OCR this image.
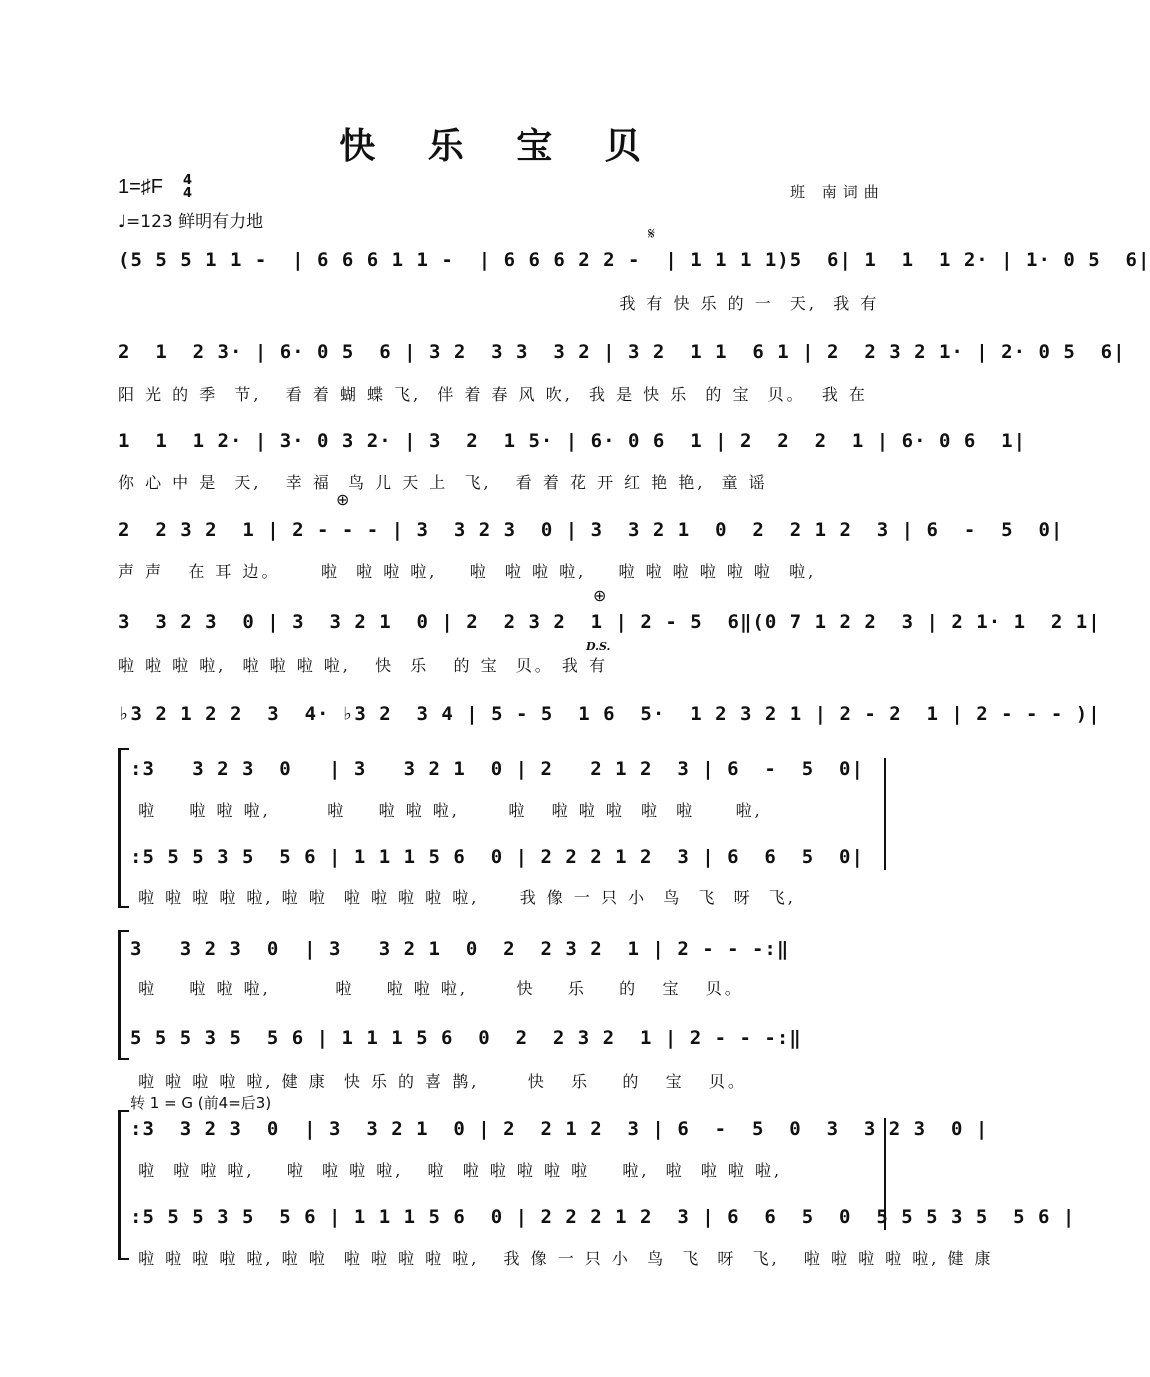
快 乐 宝 贝
1=♯F 4
4
♩=123 鲜明有力地
班 南词曲
𝄋
⊕
⊕
D.S.
(5 5 5 1 1 -  | 6 6 6 1 1 -  | 6 6 6 2 2 -  | 1 1 1 1)5  6| 1  1  1 2· | 1· 0 5  6|
我 有 快 乐 的 一  天,  我 有
2  1  2 3· | 6· 0 5  6 | 3 2  3 3  3 2 | 3 2  1 1  6 1 | 2  2 3 2 1· | 2· 0 5  6|
阳 光 的 季  节,   看 着 蝴 蝶 飞,  伴 着 春 风 吹,  我 是 快 乐  的 宝  贝。  我 在
1  1  1 2· | 3· 0 3 2· | 3  2  1 5· | 6· 0 6  1 | 2  2  2  1 | 6· 0 6  1|
你 心 中 是  天,   幸 福  鸟 儿 天 上  飞,   看 着 花 开 红 艳 艳,  童 谣
2  2 3 2  1 | 2 - - - | 3  3 2 3  0 | 3  3 2 1  0  2  2 1 2  3 | 6  -  5  0|
声 声   在 耳 边。     啦  啦 啦 啦,    啦  啦 啦 啦,    啦 啦 啦 啦 啦 啦  啦,
3  3 2 3  0 | 3  3 2 1  0 | 2  2 3 2  1 | 2 - 5  6‖(0 7 1 2 2  3 | 2 1· 1  2 1|
啦 啦 啦 啦,  啦 啦 啦 啦,   快  乐   的 宝  贝。 我 有
♭3 2 1 2 2  3  4· ♭3 2  3 4 | 5 - 5  1 6  5·  1 2 3 2 1 | 2 - 2  1 | 2 - - - )|
:3   3 2 3  0   | 3   3 2 1  0 | 2   2 1 2  3 | 6  -  5  0|
啦    啦 啦 啦,       啦    啦 啦 啦,      啦   啦 啦 啦  啦  啦     啦,
:5 5 5 3 5  5 6 | 1 1 1 5 6  0 | 2 2 2 1 2  3 | 6  6  5  0|
啦 啦 啦 啦 啦, 啦 啦  啦 啦 啦 啦 啦,     我 像 一 只 小  鸟  飞  呀  飞,
3   3 2 3  0  | 3   3 2 1  0  2  2 3 2  1 | 2 - - -:‖
啦    啦 啦 啦,        啦    啦 啦 啦,      快    乐    的   宝   贝。
5 5 5 3 5  5 6 | 1 1 1 5 6  0  2  2 3 2  1 | 2 - - -:‖
啦 啦 啦 啦 啦, 健 康  快 乐 的 喜 鹊,      快   乐    的   宝   贝。
转 1 = G (前4=后3)
:3  3 2 3  0  | 3  3 2 1  0 | 2  2 1 2  3 | 6  -  5  0  3  3 2 3  0 |
啦  啦 啦 啦,    啦  啦 啦 啦,   啦  啦 啦 啦 啦 啦    啦,  啦  啦 啦 啦,
:5 5 5 3 5  5 6 | 1 1 1 5 6  0 | 2 2 2 1 2  3 | 6  6  5  0  5 5 5 3 5  5 6 |
啦 啦 啦 啦 啦, 啦 啦  啦 啦 啦 啦 啦,   我 像 一 只 小  鸟  飞  呀  飞,   啦 啦 啦 啦 啦, 健 康
